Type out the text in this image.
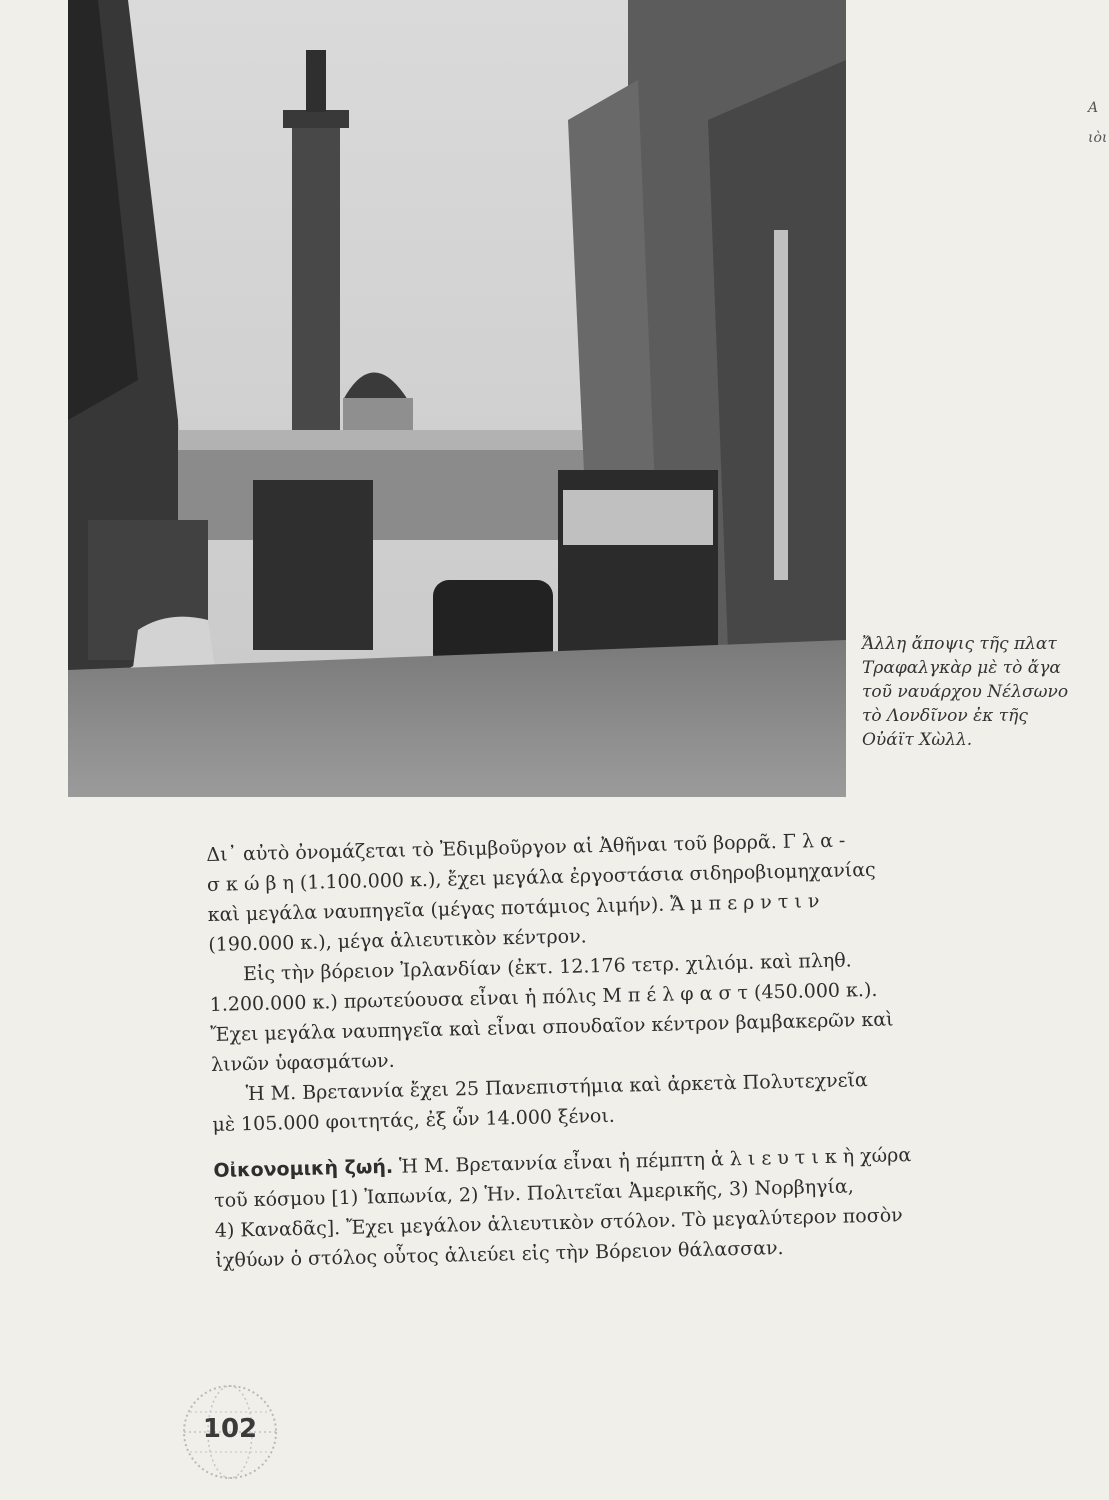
Α
ιὸι
Ἄλλη ἄποψις τῆς πλατ
Τραφαλγκὰρ μὲ τὸ ἄγα
τοῦ ναυάρχου Νέλσωνο
τὸ Λονδῖνον ἐκ τῆς
Οὐάϊτ Χὼλλ.

Δι᾽ αὐτὸ ὀνομάζεται τὸ Ἐδιμβοῦργον αἱ Ἀθῆναι τοῦ βορρᾶ. Γ λ α -

σ κ ώ β η (1.100.000 κ.), ἔχει μεγάλα ἐργοστάσια σιδηροβιομηχανίας

καὶ μεγάλα ναυπηγεῖα (μέγας ποτάμιος λιμήν). Ἄ μ π ε ρ ν τ ι ν

(190.000 κ.), μέγα ἁλιευτικὸν κέντρον.

Εἰς τὴν βόρειον Ἰρλανδίαν (ἐκτ. 12.176 τετρ. χιλιόμ. καὶ πληθ.

1.200.000 κ.) πρωτεύουσα εἶναι ἡ πόλις Μ π έ λ φ α σ τ (450.000 κ.).

Ἔχει μεγάλα ναυπηγεῖα καὶ εἶναι σπουδαῖον κέντρον βαμβακερῶν καὶ

λινῶν ὑφασμάτων.

Ἡ Μ. Βρεταννία ἔχει 25 Πανεπιστήμια καὶ ἀρκετὰ Πολυτεχνεῖα

μὲ 105.000 φοιτητάς, ἐξ ὧν 14.000 ξένοι.

Οἰκονομικὴ ζωή. Ἡ Μ. Βρεταννία εἶναι ἡ πέμπτη ἁ λ ι ε υ τ ι κ ὴ χώρα

τοῦ κόσμου [1) Ἰαπωνία, 2) Ἡν. Πολιτεῖαι Ἀμερικῆς, 3) Νορβηγία,

4) Καναδᾶς]. Ἔχει μεγάλον ἁλιευτικὸν στόλον. Τὸ μεγαλύτερον ποσὸν

ἰχθύων ὁ στόλος οὗτος ἁλιεύει εἰς τὴν Βόρειον θάλασσαν.

102
